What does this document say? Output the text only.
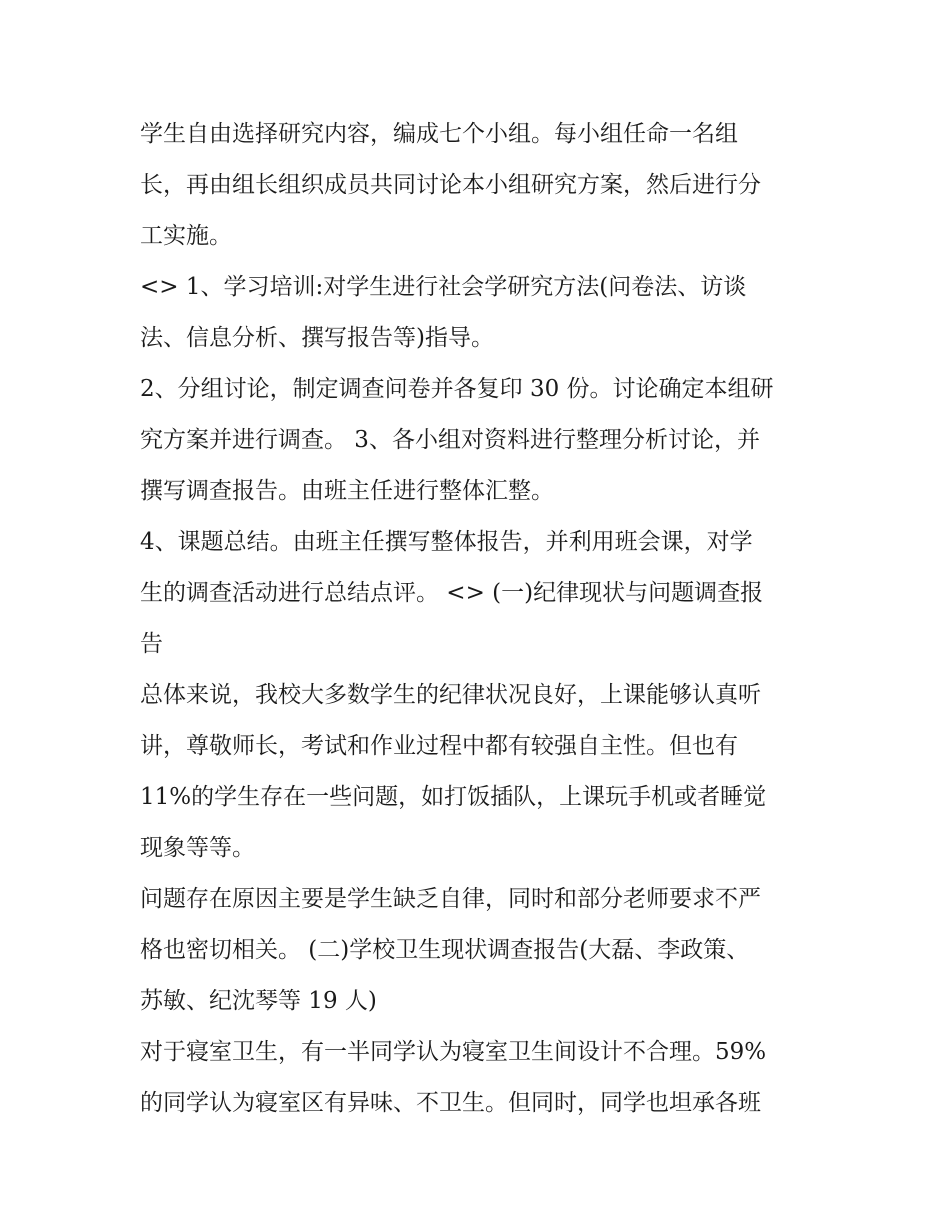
学生自由选择研究内容，编成七个小组。每小组任命一名组
长，再由组长组织成员共同讨论本小组研究方案，然后进行分
工实施。
<> 1、学习培训:对学生进行社会学研究方法(问卷法、访谈
法、信息分析、撰写报告等)指导。
2、分组讨论，制定调查问卷并各复印 30 份。讨论确定本组研
究方案并进行调查。 3、各小组对资料进行整理分析讨论，并
撰写调查报告。由班主任进行整体汇整。
4、课题总结。由班主任撰写整体报告，并利用班会课，对学
生的调查活动进行总结点评。 <> (一)纪律现状与问题调查报
告
总体来说，我校大多数学生的纪律状况良好，上课能够认真听
讲，尊敬师长，考试和作业过程中都有较强自主性。但也有
11%的学生存在一些问题，如打饭插队，上课玩手机或者睡觉
现象等等。
问题存在原因主要是学生缺乏自律，同时和部分老师要求不严
格也密切相关。 (二)学校卫生现状调查报告(大磊、李政策、
苏敏、纪沈琴等 19 人)
对于寝室卫生，有一半同学认为寝室卫生间设计不合理。59%
的同学认为寝室区有异味、不卫生。但同时，同学也坦承各班
